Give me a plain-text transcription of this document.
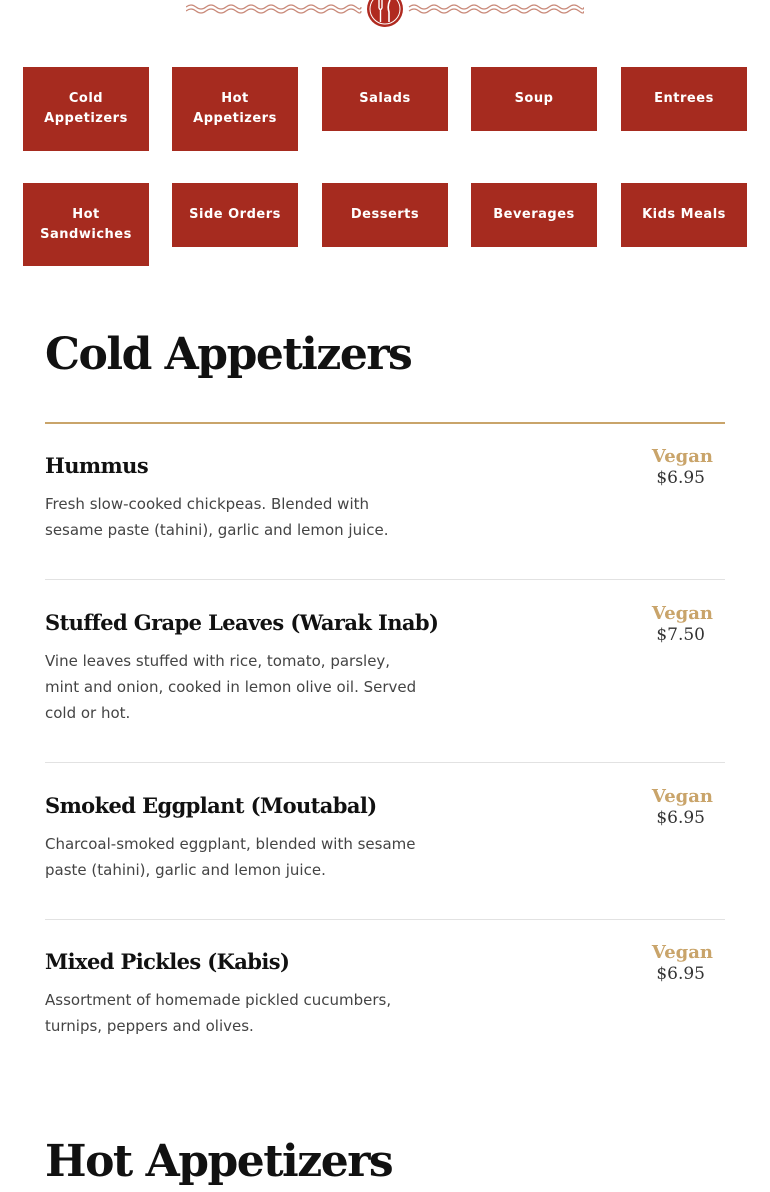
Cold Appetizers
Hot Appetizers
Salads	Soup	Entrees
Hot Sandwiches
Side Orders	Desserts	Beverages	Kids Meals
Cold Appetizers
Hummus
Fresh slow-cooked chickpeas. Blended with sesame paste (tahini), garlic and lemon juice.
Vegan
$6.95
Stuffed Grape Leaves (Warak Inab)
Vine leaves stuffed with rice, tomato, parsley, mint and onion, cooked in lemon olive oil. Served cold or hot.
Vegan
$7.50
Smoked Eggplant (Moutabal)
Charcoal-smoked eggplant, blended with sesame paste (tahini), garlic and lemon juice.
Vegan
$6.95
Mixed Pickles (Kabis)
Assortment of homemade pickled cucumbers, turnips, peppers and olives.
Vegan
$6.95
Hot Appetizers
